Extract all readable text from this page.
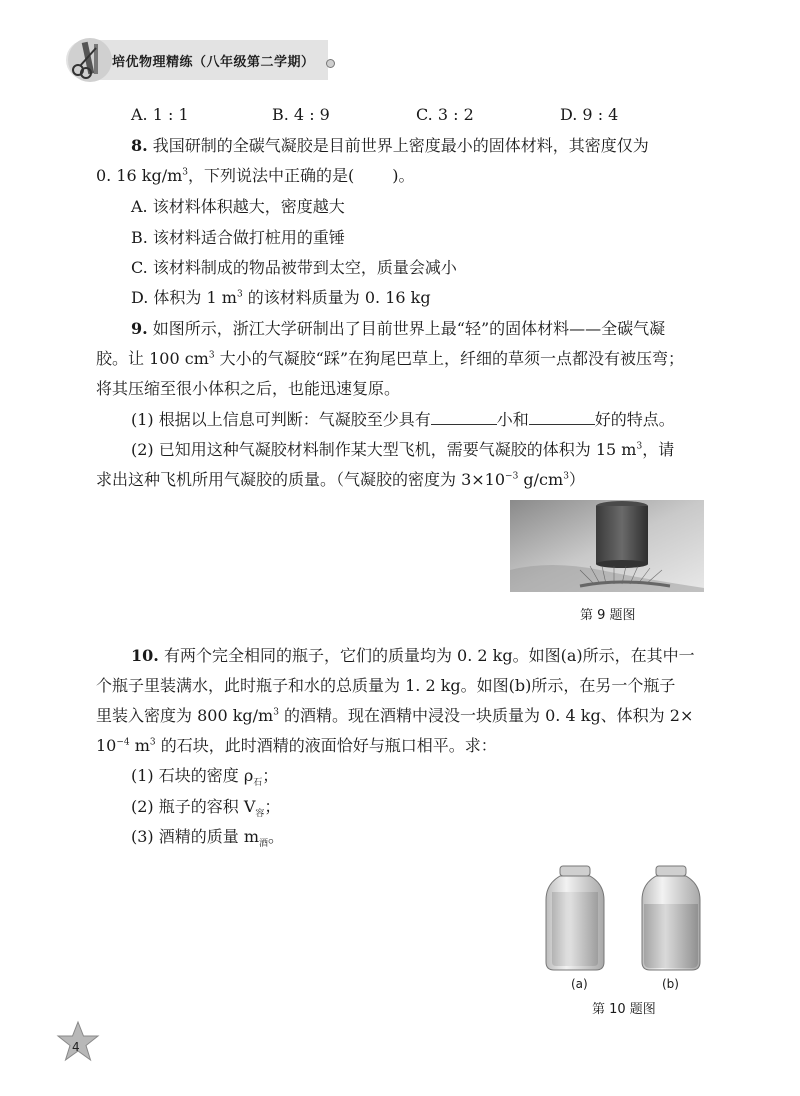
培优物理精练（八年级第二学期）
A. 1 : 1	B. 4 : 9	C. 3 : 2	D. 9 : 4
8. 我国研制的全碳气凝胶是目前世界上密度最小的固体材料，其密度仅为
0. 16 $kg/m^3$，下列说法中正确的是( )。
A. 该材料体积越大，密度越大
B. 该材料适合做打桩用的重锤
C. 该材料制成的物品被带到太空，质量会减小
D. 体积为 1 $m^3$ 的该材料质量为 0. 16 kg
9. 如图所示，浙江大学研制出了目前世界上最“轻”的固体材料——全碳气凝
胶。让 100 $cm^3$ 大小的气凝胶“踩”在狗尾巴草上，纤细的草须一点都没有被压弯；
将其压缩至很小体积之后，也能迅速复原。
(1) 根据以上信息可判断：气凝胶至少具有	小和	好的特点。
(2) 已知用这种气凝胶材料制作某大型飞机，需要气凝胶的体积为 15 $m^3$，请
求出这种飞机所用气凝胶的质量。（气凝胶的密度为 $3\times 10^{-3}$ $g/cm^3$）
第 9 题图
10. 有两个完全相同的瓶子，它们的质量均为 0. 2 kg。如图(a)所示，在其中一
个瓶子里装满水，此时瓶子和水的总质量为 1. 2 kg。如图(b)所示，在另一个瓶子
里装入密度为 800 $kg/m^3$ 的酒精。现在酒精中浸没一块质量为 0. 4 kg、体积为 2×
$10^{-4}$ $m^3$ 的石块，此时酒精的液面恰好与瓶口相平。求：
(1) 石块的密度 $\rho_石$；
(2) 瓶子的容积 $V_容$；
(3) 酒精的质量 $m_酒$。
(a)	(b)
第 10 题图
4
